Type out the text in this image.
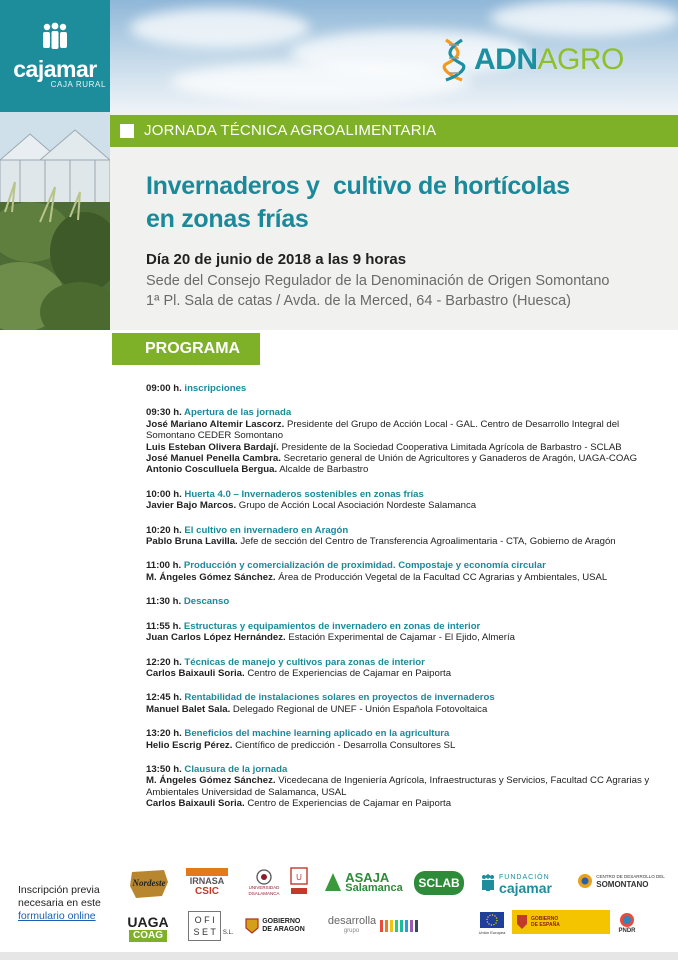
cajamar
CAJA RURAL
ADNAGRO
JORNADA TÉCNICA AGROALIMENTARIA
Invernaderos y  cultivo de hortícolas
en zonas frías
Día 20 de junio de 2018 a las 9 horas
Sede del Consejo Regulador de la Denominación de Origen Somontano
1ª Pl. Sala de catas / Avda. de la Merced, 64 - Barbastro (Huesca)
PROGRAMA
09:00 h. inscripciones
09:30 h. Apertura de las jornada
José Mariano Altemir Lascorz. Presidente del Grupo de Acción Local - GAL. Centro de Desarrollo Integral del Somontano CEDER Somontano
Luis Esteban Olivera Bardají. Presidente de la Sociedad Cooperativa Limitada Agrícola de Barbastro - SCLAB
José Manuel Penella Cambra. Secretario general de Unión de Agricultores y Ganaderos de Aragón, UAGA-COAG
Antonio Cosculluela Bergua. Alcalde de Barbastro
10:00 h. Huerta 4.0 – Invernaderos sostenibles en zonas frías
Javier Bajo Marcos. Grupo de Acción Local Asociación Nordeste Salamanca
10:20 h. El cultivo en invernadero en Aragón
Pablo Bruna Lavilla. Jefe de sección del Centro de Transferencia Agroalimentaria - CTA, Gobierno de Aragón
11:00 h. Producción y comercialización de proximidad. Compostaje y economía circular
M. Ángeles Gómez Sánchez. Área de Producción Vegetal de la Facultad CC Agrarias y Ambientales, USAL
11:30 h. Descanso
11:55 h. Estructuras y equipamientos de invernadero en zonas de interior
Juan Carlos López Hernández. Estación Experimental de Cajamar - El Ejido, Almería
12:20 h. Técnicas de manejo y cultivos para zonas de interior
Carlos Baixauli Soria. Centro de Experiencias de Cajamar en Paiporta
12:45 h. Rentabilidad de instalaciones solares en proyectos de invernaderos
Manuel Balet Sala. Delegado Regional de UNEF - Unión Española Fotovoltaica
13:20 h. Beneficios del machine learning aplicado en la agricultura
Helio Escrig Pérez. Científico de predicción - Desarrolla Consultores SL
13:50 h. Clausura de la jornada
M. Ángeles Gómez Sánchez. Vicedecana de Ingeniería Agrícola, Infraestructuras y Servicios, Facultad CC Agrarias y Ambientales Universidad de Salamanca, USAL
Carlos Baixauli Soria. Centro de Experiencias de Cajamar en Paiporta
Inscripción previa
necesaria en este
formulario online
Nordeste	IRNASA
CSIC	UNIVERSIDAD
DSALAMANCA
U	ASAJA
Salamanca SCLAB	FUNDACIÓN
cajamar
CENTRO DE DESARROLLO DEL
SOMONTANO
UAGA
COAG
O F I
S E T S.L.
GOBIERNO
DE ARAGON
desarrolla
grupo	Unión Europea
GOBIERNO
DE ESPAÑA
PNDR
